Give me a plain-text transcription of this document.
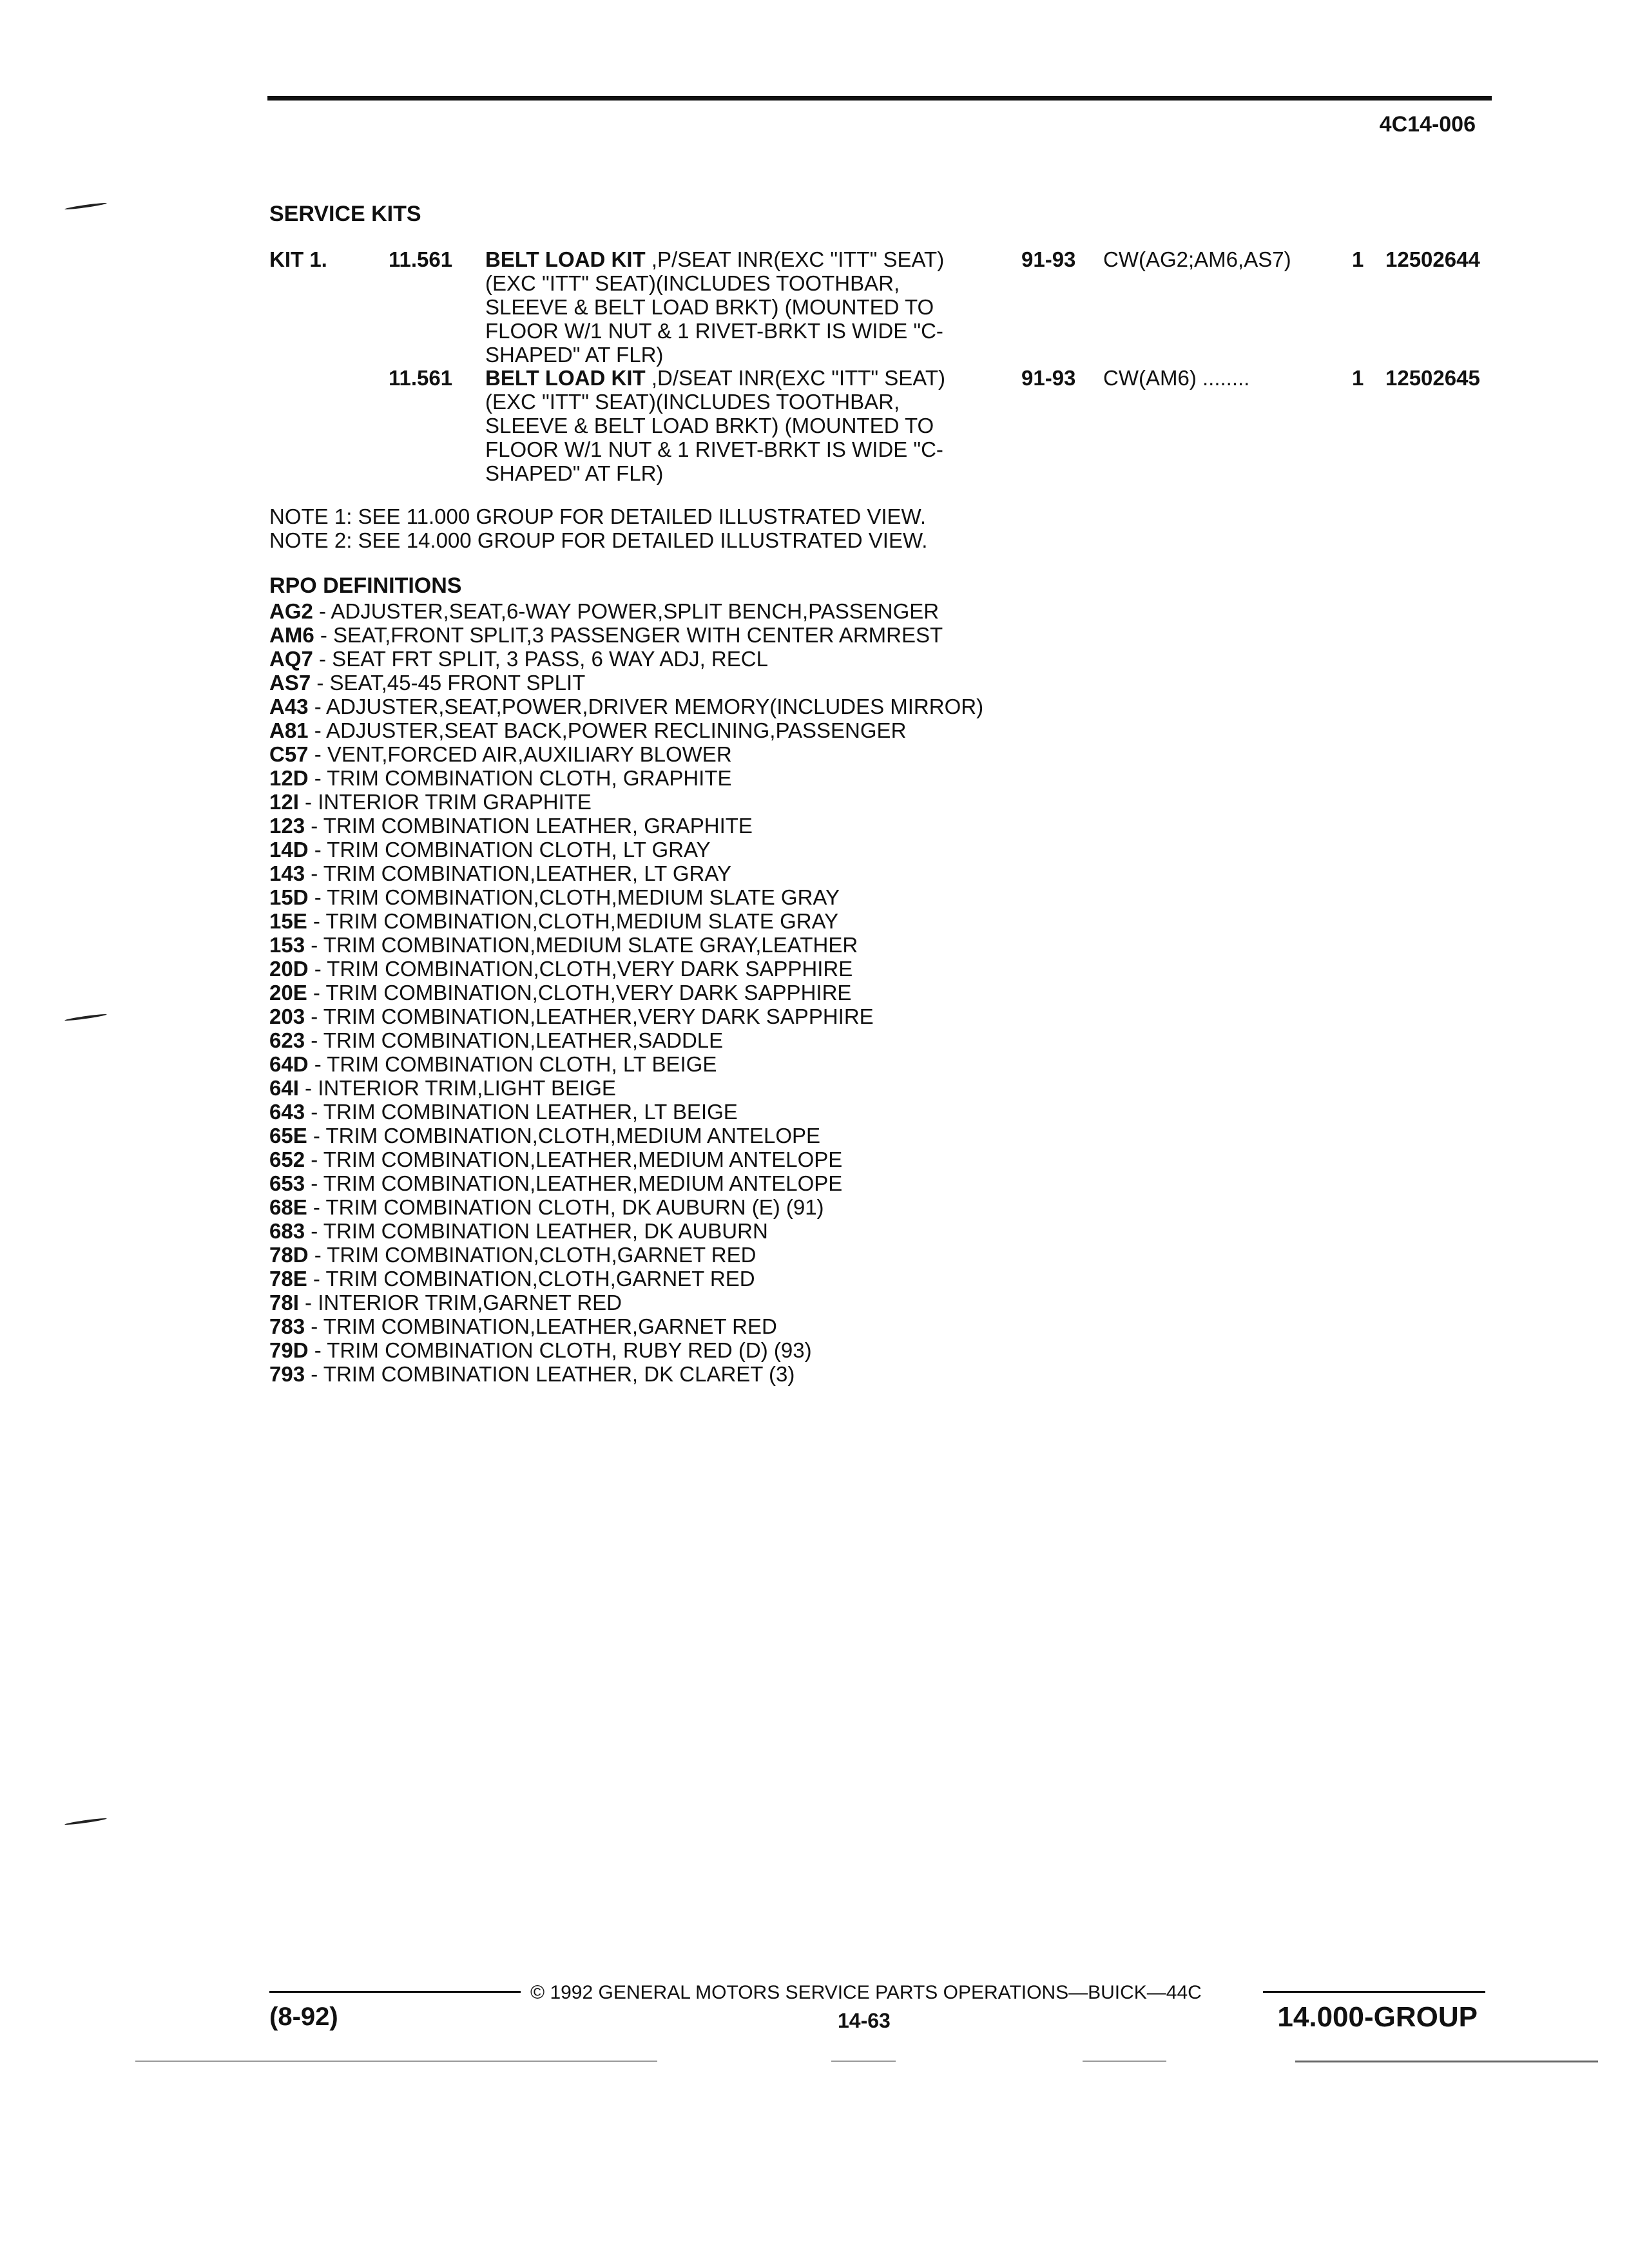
4C14-006
SERVICE KITS
KIT 1.	11.561 BELT LOAD KIT ,P/SEAT INR(EXC "ITT" SEAT)
(EXC "ITT" SEAT)(INCLUDES TOOTHBAR,
SLEEVE & BELT LOAD BRKT) (MOUNTED TO
FLOOR W/1 NUT & 1 RIVET-BRKT IS WIDE "C-
SHAPED" AT FLR)
91-93 CW(AG2;AM6,AS7)	1 12502644
11.561 BELT LOAD KIT ,D/SEAT INR(EXC "ITT" SEAT)
(EXC "ITT" SEAT)(INCLUDES TOOTHBAR,
SLEEVE & BELT LOAD BRKT) (MOUNTED TO
FLOOR W/1 NUT & 1 RIVET-BRKT IS WIDE "C-
SHAPED" AT FLR)
91-93 CW(AM6) ........	1 12502645
NOTE 1: SEE 11.000 GROUP FOR DETAILED ILLUSTRATED VIEW.
NOTE 2: SEE 14.000 GROUP FOR DETAILED ILLUSTRATED VIEW.
RPO DEFINITIONS
AG2 - ADJUSTER,SEAT,6-WAY POWER,SPLIT BENCH,PASSENGER
AM6 - SEAT,FRONT SPLIT,3 PASSENGER WITH CENTER ARMREST
AQ7 - SEAT FRT SPLIT, 3 PASS, 6 WAY ADJ, RECL
AS7 - SEAT,45-45 FRONT SPLIT
A43 - ADJUSTER,SEAT,POWER,DRIVER MEMORY(INCLUDES MIRROR)
A81 - ADJUSTER,SEAT BACK,POWER RECLINING,PASSENGER
C57 - VENT,FORCED AIR,AUXILIARY BLOWER
12D - TRIM COMBINATION CLOTH, GRAPHITE
12I - INTERIOR TRIM GRAPHITE
123 - TRIM COMBINATION LEATHER, GRAPHITE
14D - TRIM COMBINATION CLOTH, LT GRAY
143 - TRIM COMBINATION,LEATHER, LT GRAY
15D - TRIM COMBINATION,CLOTH,MEDIUM SLATE GRAY
15E - TRIM COMBINATION,CLOTH,MEDIUM SLATE GRAY
153 - TRIM COMBINATION,MEDIUM SLATE GRAY,LEATHER
20D - TRIM COMBINATION,CLOTH,VERY DARK SAPPHIRE
20E - TRIM COMBINATION,CLOTH,VERY DARK SAPPHIRE
203 - TRIM COMBINATION,LEATHER,VERY DARK SAPPHIRE
623 - TRIM COMBINATION,LEATHER,SADDLE
64D - TRIM COMBINATION CLOTH, LT BEIGE
64I - INTERIOR TRIM,LIGHT BEIGE
643 - TRIM COMBINATION LEATHER, LT BEIGE
65E - TRIM COMBINATION,CLOTH,MEDIUM ANTELOPE
652 - TRIM COMBINATION,LEATHER,MEDIUM ANTELOPE
653 - TRIM COMBINATION,LEATHER,MEDIUM ANTELOPE
68E - TRIM COMBINATION CLOTH, DK AUBURN (E) (91)
683 - TRIM COMBINATION LEATHER, DK AUBURN
78D - TRIM COMBINATION,CLOTH,GARNET RED
78E - TRIM COMBINATION,CLOTH,GARNET RED
78I - INTERIOR TRIM,GARNET RED
783 - TRIM COMBINATION,LEATHER,GARNET RED
79D - TRIM COMBINATION CLOTH, RUBY RED (D) (93)
793 - TRIM COMBINATION LEATHER, DK CLARET (3)
© 1992 GENERAL MOTORS SERVICE PARTS OPERATIONS—BUICK—44C
(8-92)	14-63	14.000-GROUP
